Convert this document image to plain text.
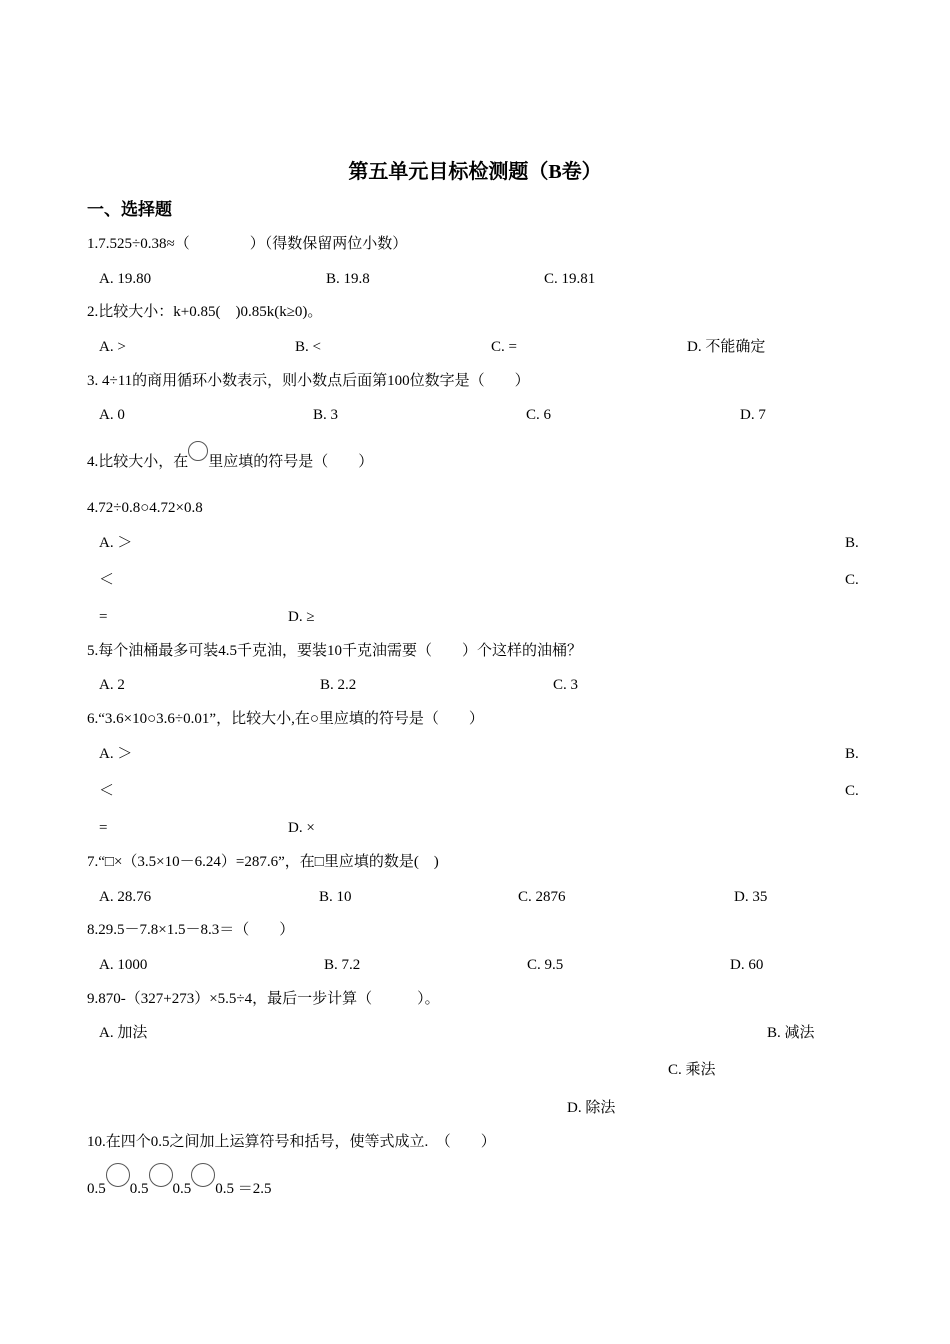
第五单元目标检测题（B卷）
一、选择题
1.7.525÷0.38≈（　　　　）（得数保留两位小数）
A. 19.80	B. 19.8	C. 19.81
2.比较大小：k+0.85(　)0.85k(k≥0)。
A. >	B. <	C. =	D. 不能确定
3. 4÷11的商用循环小数表示，则小数点后面第100位数字是（　　）
A. 0	B. 3	C. 6	D. 7
4.比较大小，在 里应填的符号是（　　）
4.72÷0.8○4.72×0.8
A. ＞	B.
＜	C.
=	D. ≥
5.每个油桶最多可装4.5千克油，要装10千克油需要（　　）个这样的油桶？
A. 2	B. 2.2	C. 3
6.“3.6×10○3.6÷0.01”，比较大小,在○里应填的符号是（　　）
A. ＞	B.
＜	C.
=	D. ×
7.“□×（3.5×10－6.24）=287.6”，在□里应填的数是(　)
A. 28.76	B. 10	C. 2876	D. 35
8.29.5－7.8×1.5－8.3＝（　　）
A. 1000	B. 7.2	C. 9.5	D. 60
9.870-（327+273）×5.5÷4，最后一步计算（　　　）。
A. 加法	B. 减法
C. 乘法
D. 除法
10.在四个0.5之间加上运算符号和括号，使等式成立.　（　　）
0.5 0.5 0.5 0.5 ＝2.5
